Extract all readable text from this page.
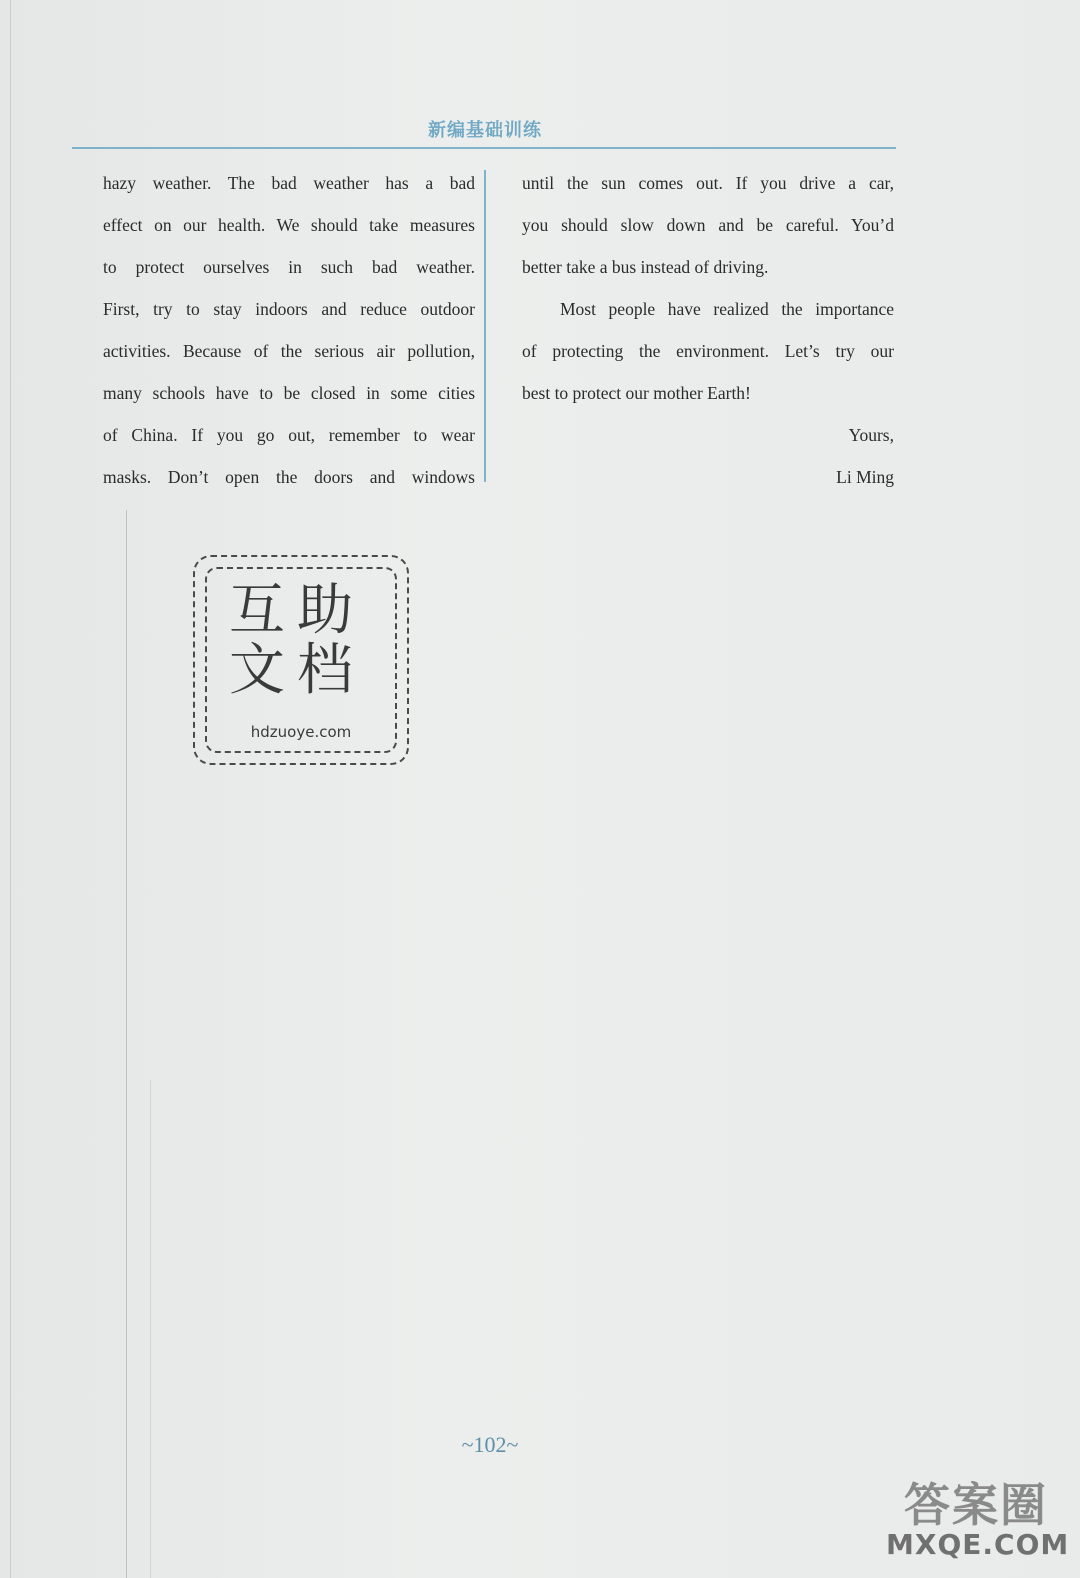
新编基础训练
hazy weather. The bad weather has a bad
effect on our health. We should take measures
to protect ourselves in such bad weather.
First, try to stay indoors and reduce outdoor
activities. Because of the serious air pollution,
many schools have to be closed in some cities
of China. If you go out, remember to wear
masks. Don’t open the doors and windows
until the sun comes out. If you drive a car,
you should slow down and be careful. You’d
better take a bus instead of driving.
Most people have realized the importance
of protecting the environment. Let’s try our
best to protect our mother Earth!
Yours,
Li Ming
互助
文档
hdzuoye.com
~102~
答案圈
MXQE.COM
